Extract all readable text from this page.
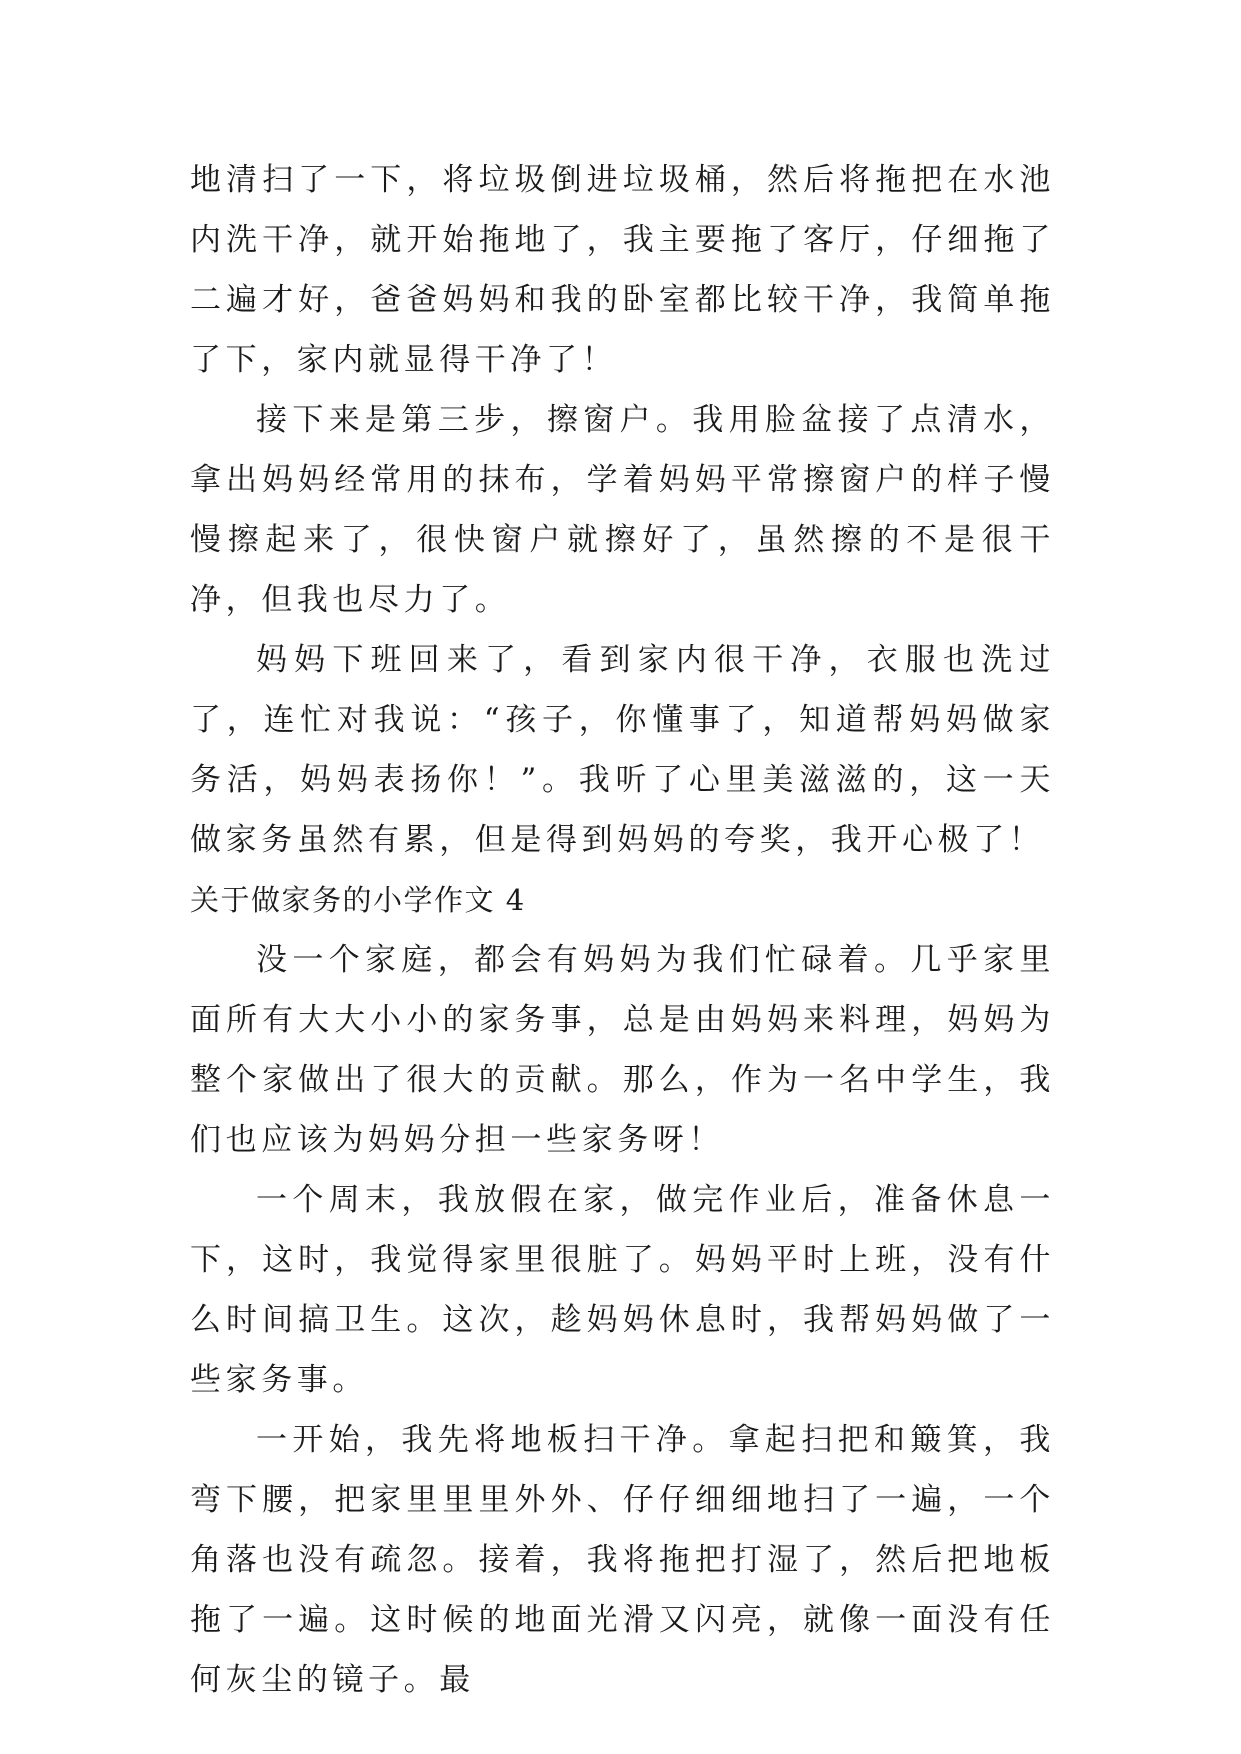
地清扫了一下，将垃圾倒进垃圾桶，然后将拖把在水池内洗干净，就开始拖地了，我主要拖了客厅，仔细拖了二遍才好，爸爸妈妈和我的卧室都比较干净，我简单拖了下，家内就显得干净了！

接下来是第三步，擦窗户。我用脸盆接了点清水，拿出妈妈经常用的抹布，学着妈妈平常擦窗户的样子慢慢擦起来了，很快窗户就擦好了，虽然擦的不是很干净，但我也尽力了。

妈妈下班回来了，看到家内很干净，衣服也洗过了，连忙对我说：“孩子，你懂事了，知道帮妈妈做家务活，妈妈表扬你！”。我听了心里美滋滋的，这一天做家务虽然有累，但是得到妈妈的夸奖，我开心极了！

关于做家务的小学作文 4

没一个家庭，都会有妈妈为我们忙碌着。几乎家里面所有大大小小的家务事，总是由妈妈来料理，妈妈为整个家做出了很大的贡献。那么，作为一名中学生，我们也应该为妈妈分担一些家务呀！

一个周末，我放假在家，做完作业后，准备休息一下，这时，我觉得家里很脏了。妈妈平时上班，没有什么时间搞卫生。这次，趁妈妈休息时，我帮妈妈做了一些家务事。

一开始，我先将地板扫干净。拿起扫把和簸箕，我弯下腰，把家里里里外外、仔仔细细地扫了一遍，一个角落也没有疏忽。接着，我将拖把打湿了，然后把地板拖了一遍。这时候的地面光滑又闪亮，就像一面没有任何灰尘的镜子。最
